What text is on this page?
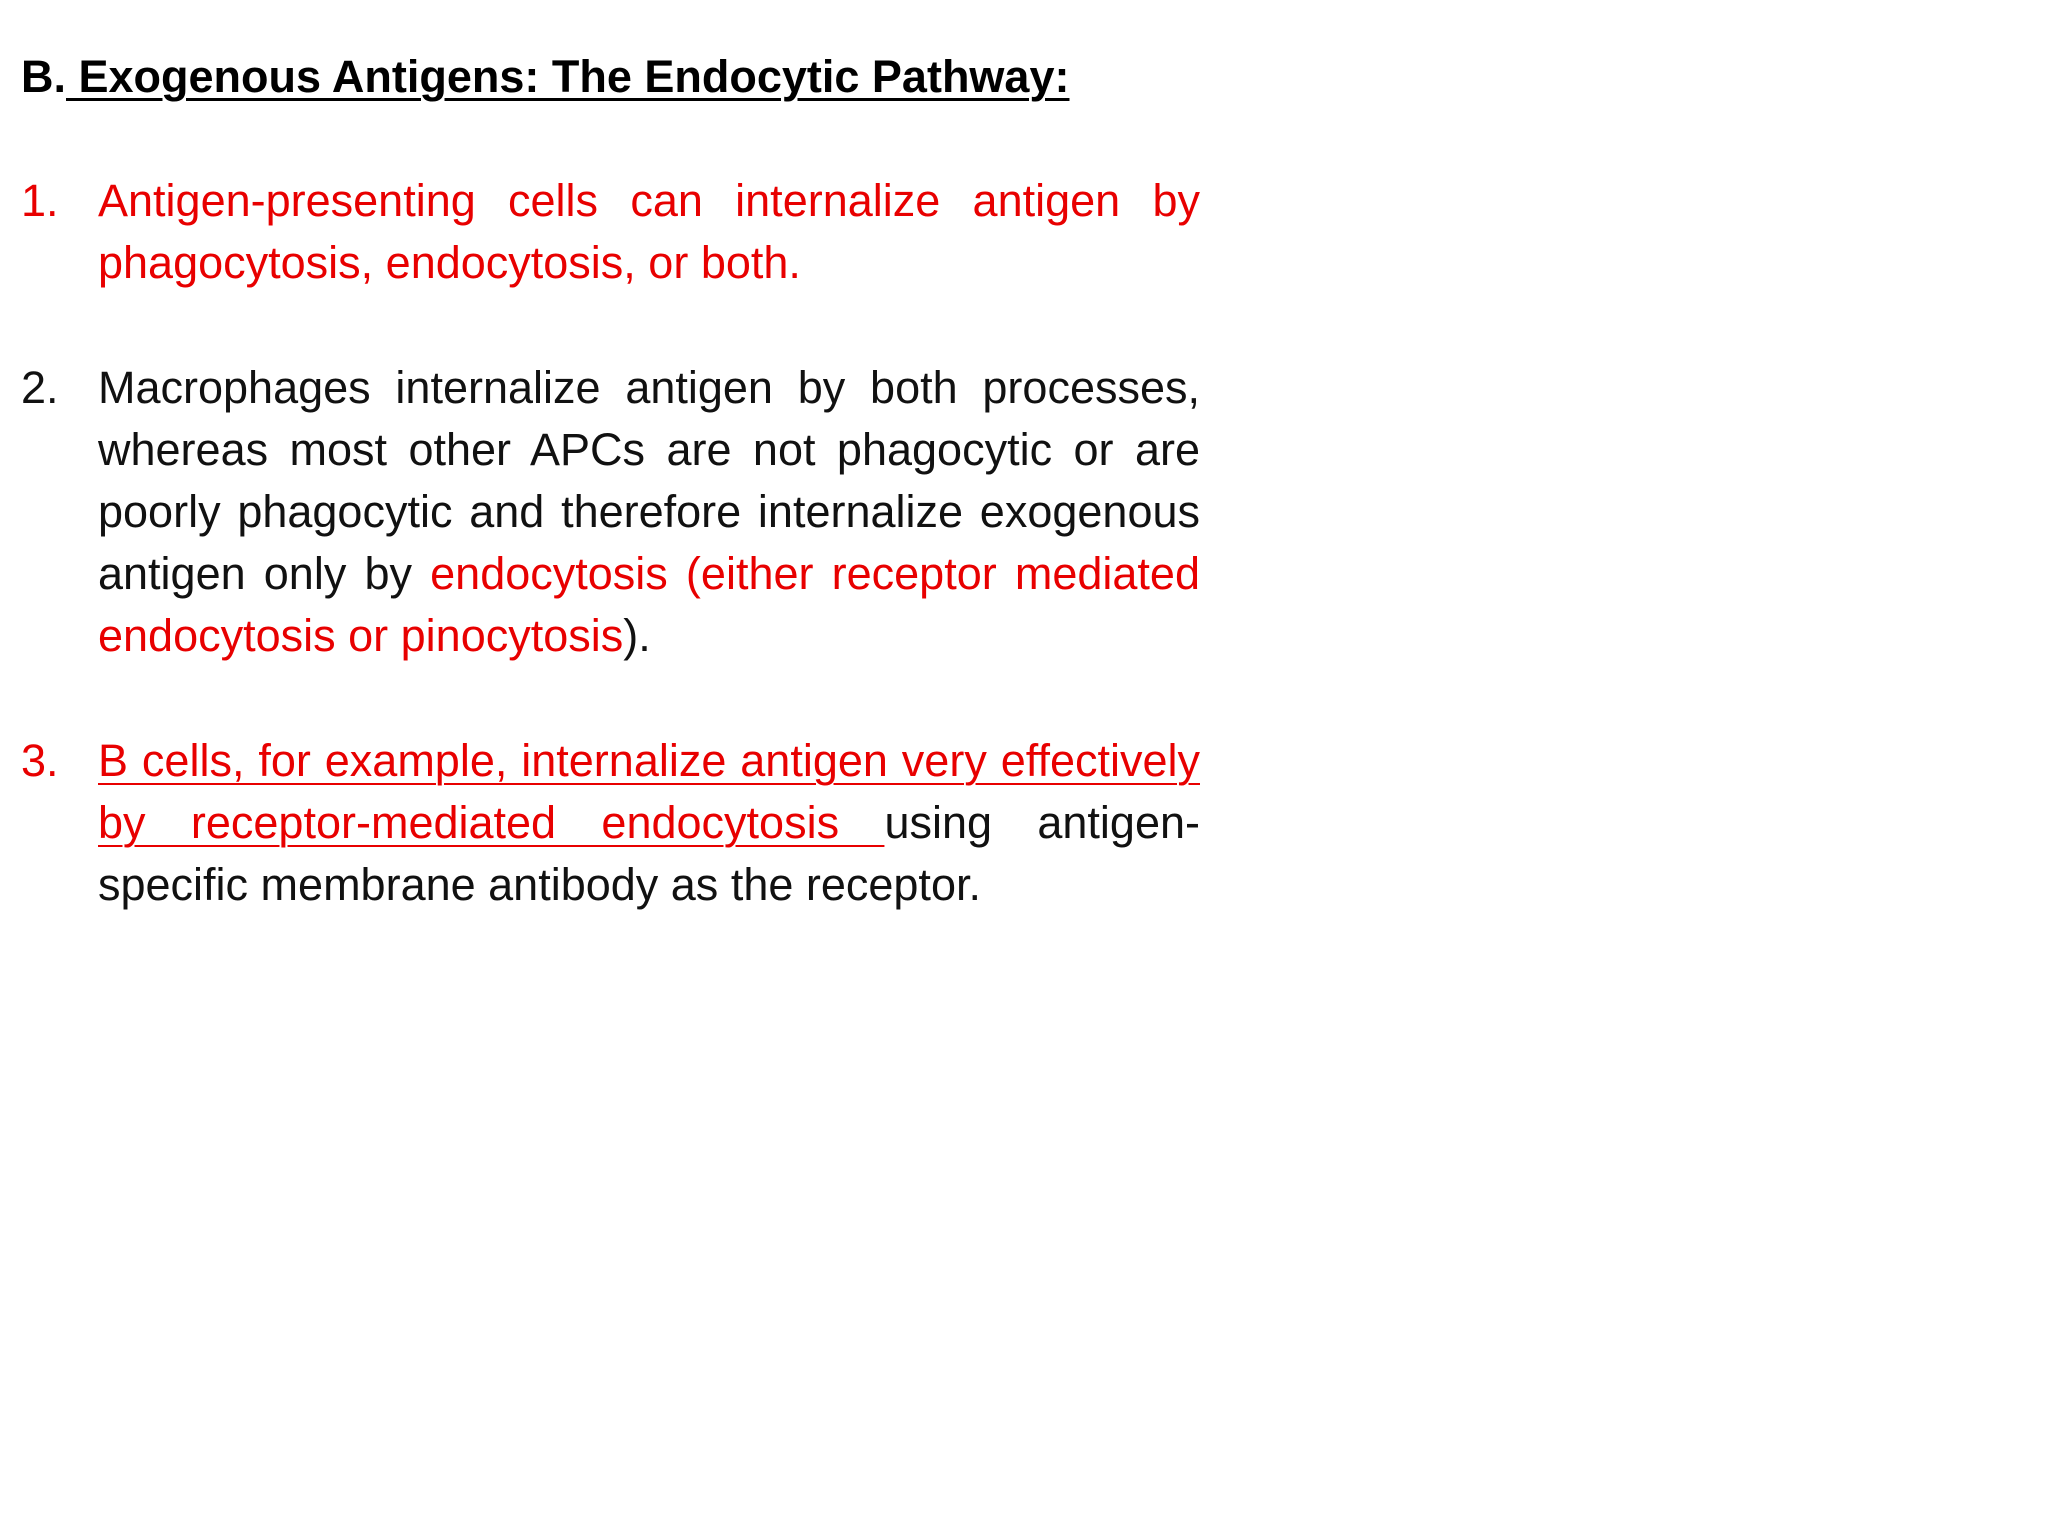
B. Exogenous Antigens: The Endocytic Pathway:
1. Antigen-presenting cells can internalize antigen by phagocytosis, endocytosis, or both.
2. Macrophages internalize antigen by both processes, whereas most other APCs are not phagocytic or are poorly phagocytic and therefore internalize exogenous antigen only by endocytosis (either receptor mediated endocytosis or pinocytosis).
3. B cells, for example, internalize antigen very effectively by receptor-mediated endocytosis using antigen-specific membrane antibody as the receptor.
